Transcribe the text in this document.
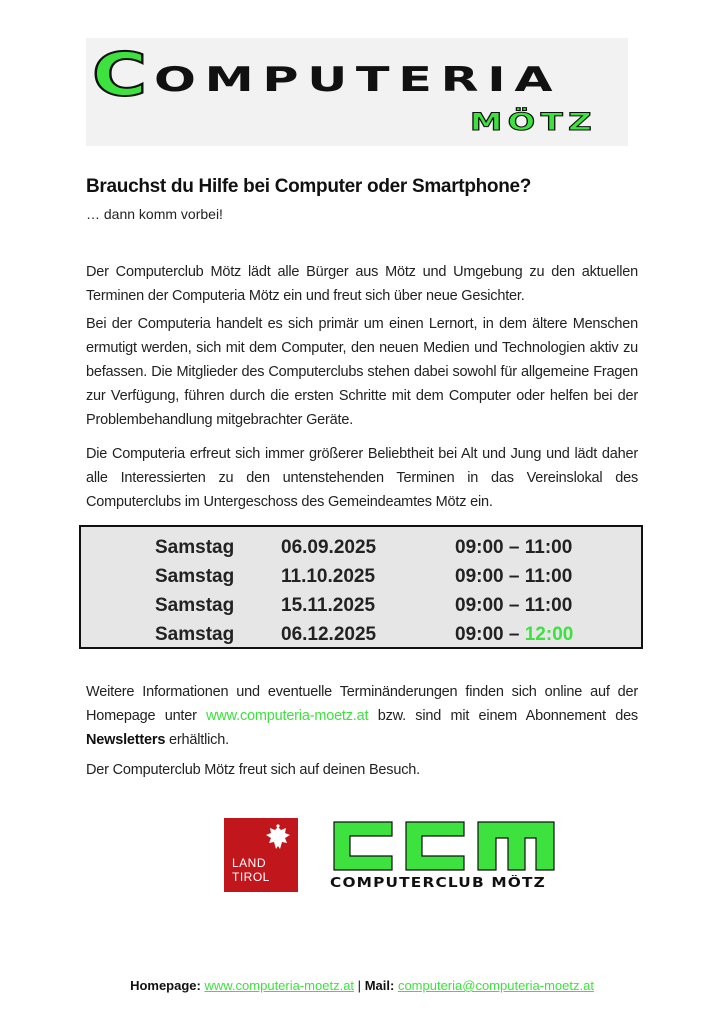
C OMPUTERIA
MÖTZ
Brauchst du Hilfe bei Computer oder Smartphone?
… dann komm vorbei!
Der Computerclub Mötz lädt alle Bürger aus Mötz und Umgebung zu den aktuellen Terminen der Computeria Mötz ein und freut sich über neue Gesichter.
Bei der Computeria handelt es sich primär um einen Lernort, in dem ältere Menschen ermutigt werden, sich mit dem Computer, den neuen Medien und Technologien aktiv zu befassen. Die Mitglieder des Computerclubs stehen dabei sowohl für allgemeine Fragen zur Verfügung, führen durch die ersten Schritte mit dem Computer oder helfen bei der Problembehandlung mitgebrachter Geräte.
Die Computeria erfreut sich immer größerer Beliebtheit bei Alt und Jung und lädt daher alle Interessierten zu den untenstehenden Terminen in das Vereinslokal des Computerclubs im Untergeschoss des Gemeindeamtes Mötz ein.
Samstag 06.09.2025	09:00 – 11:00
Samstag 11.10.2025	09:00 – 11:00
Samstag 15.11.2025	09:00 – 11:00
Samstag 06.12.2025	09:00 – 12:00
Weitere Informationen und eventuelle Terminänderungen finden sich online auf der Homepage unter www.computeria-moetz.at bzw. sind mit einem Abonnement des Newsletters erhältlich.
Der Computerclub Mötz freut sich auf deinen Besuch.
LAND
TIROL
CCM
COMPUTERCLUB MÖTZ
Homepage: www.computeria-moetz.at | Mail: computeria@computeria-moetz.at
